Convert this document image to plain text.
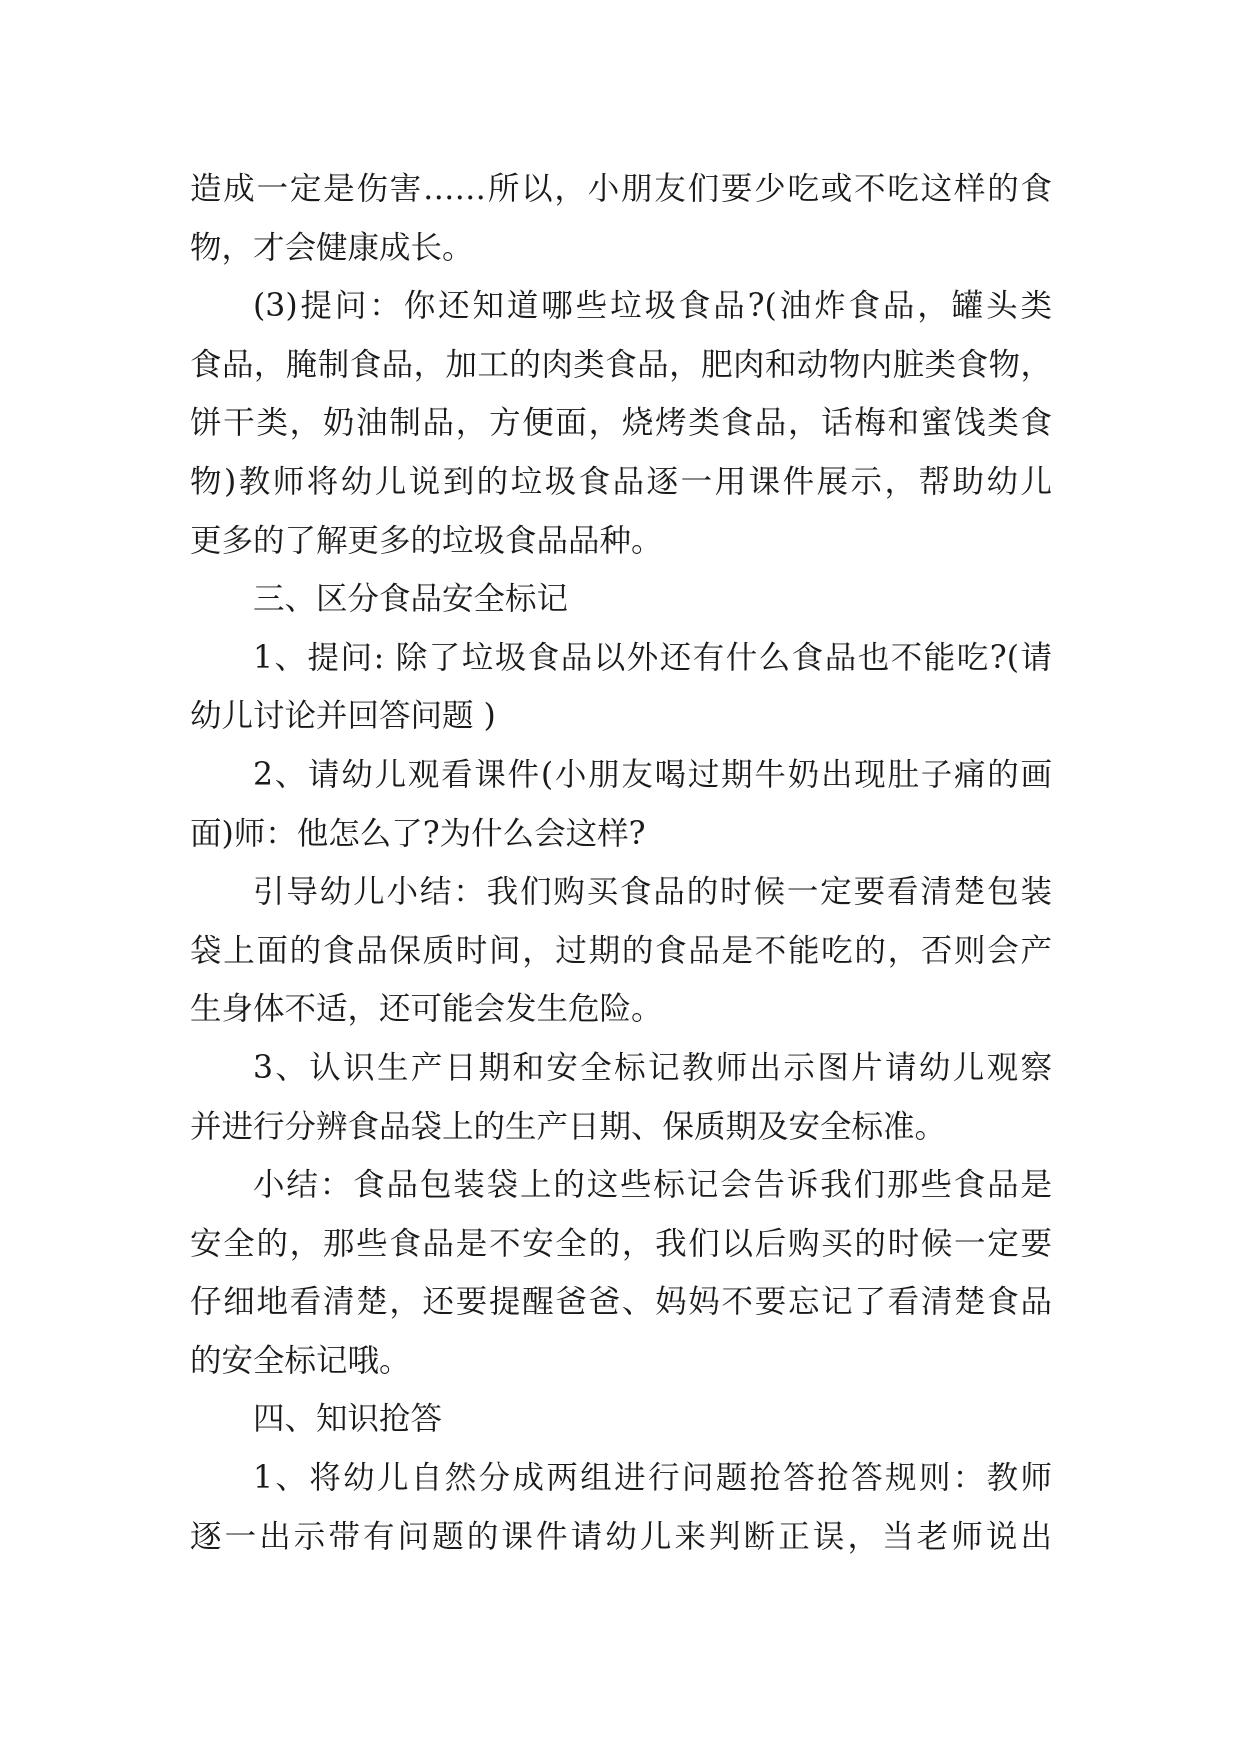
造成一定是伤害……所以，小朋友们要少吃或不吃这样的食
物，才会健康成长。
(3)提问：你还知道哪些垃圾食品?(油炸食品，罐头类
食品，腌制食品，加工的肉类食品，肥肉和动物内脏类食物，
饼干类，奶油制品，方便面，烧烤类食品，话梅和蜜饯类食
物)教师将幼儿说到的垃圾食品逐一用课件展示，帮助幼儿
更多的了解更多的垃圾食品品种。
三、区分食品安全标记
1、提问: 除了垃圾食品以外还有什么食品也不能吃?(请
幼儿讨论并回答问题 )
2、请幼儿观看课件(小朋友喝过期牛奶出现肚子痛的画
面)师：他怎么了?为什么会这样?
引导幼儿小结：我们购买食品的时候一定要看清楚包装
袋上面的食品保质时间，过期的食品是不能吃的，否则会产
生身体不适，还可能会发生危险。
3、认识生产日期和安全标记教师出示图片请幼儿观察
并进行分辨食品袋上的生产日期、保质期及安全标准。
小结：食品包装袋上的这些标记会告诉我们那些食品是
安全的，那些食品是不安全的，我们以后购买的时候一定要
仔细地看清楚，还要提醒爸爸、妈妈不要忘记了看清楚食品
的安全标记哦。
四、知识抢答
1、将幼儿自然分成两组进行问题抢答抢答规则：教师
逐一出示带有问题的课件请幼儿来判断正误，当老师说出
